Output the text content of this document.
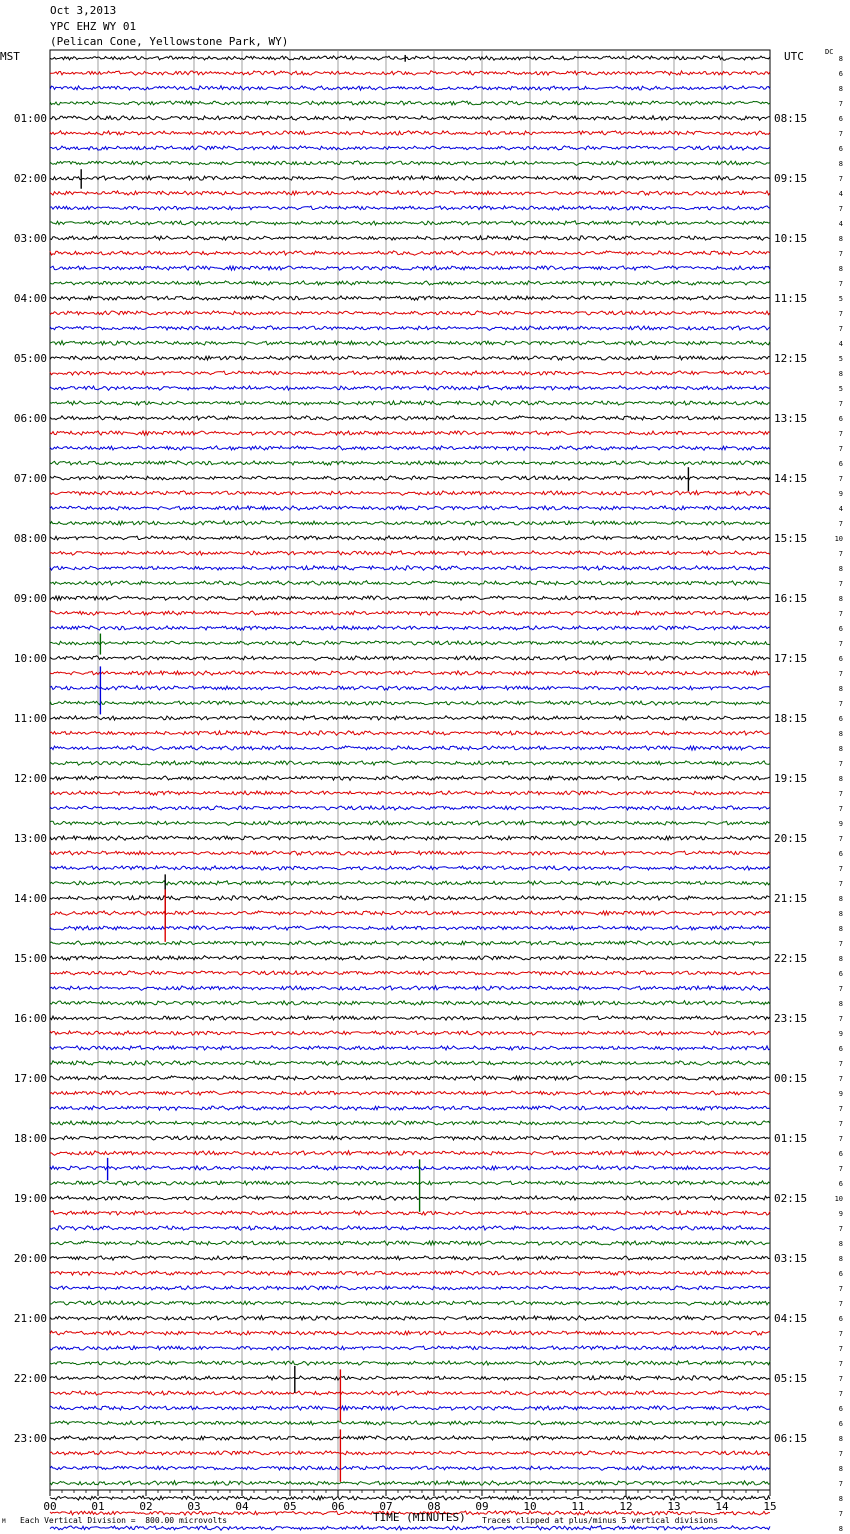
Oct 3,2013
YPC EHZ WY 01
(Pelican Cone, Yellowstone Park, WY)
MST	UTC	DC
01:00
02:00
03:00
04:00
05:00
06:00
07:00
08:00
09:00
10:00
11:00
12:00
13:00
14:00
15:00
16:00
17:00
18:00
19:00
20:00
21:00
22:00
23:00
08:15
09:15
10:15
11:15
12:15
13:15
14:15
15:15
16:15
17:15
18:15
19:15
20:15
21:15
22:15
23:15
00:15
01:15
02:15
03:15
04:15
05:15
06:15
8
6
8
7
6
7
6
8
7
4
7
4
8
7
8
7
5
7
7
4
5
8
5
7
6
7
7
6
7
9
4
7
10
7
8
7
8
7
6
7
6
7
8
7
6
8
8
7
8
7
7
9
7
6
7
7
8
8
8
7
8
6
7
8
7
9
6
7
7
9
7
7
7
6
7
6
10
9
7
8
8
6
7
7
6
7
7
7
7
7
6
6
8
7
8
7
8
7
8
00	01	02	03	04	05	06	07	08	09	10	11	12	13	14	15
TIME (MINUTES)
Each Vertical Division =  800.00 microvolts	Traces clipped at plus/minus 5 vertical divisions
M
